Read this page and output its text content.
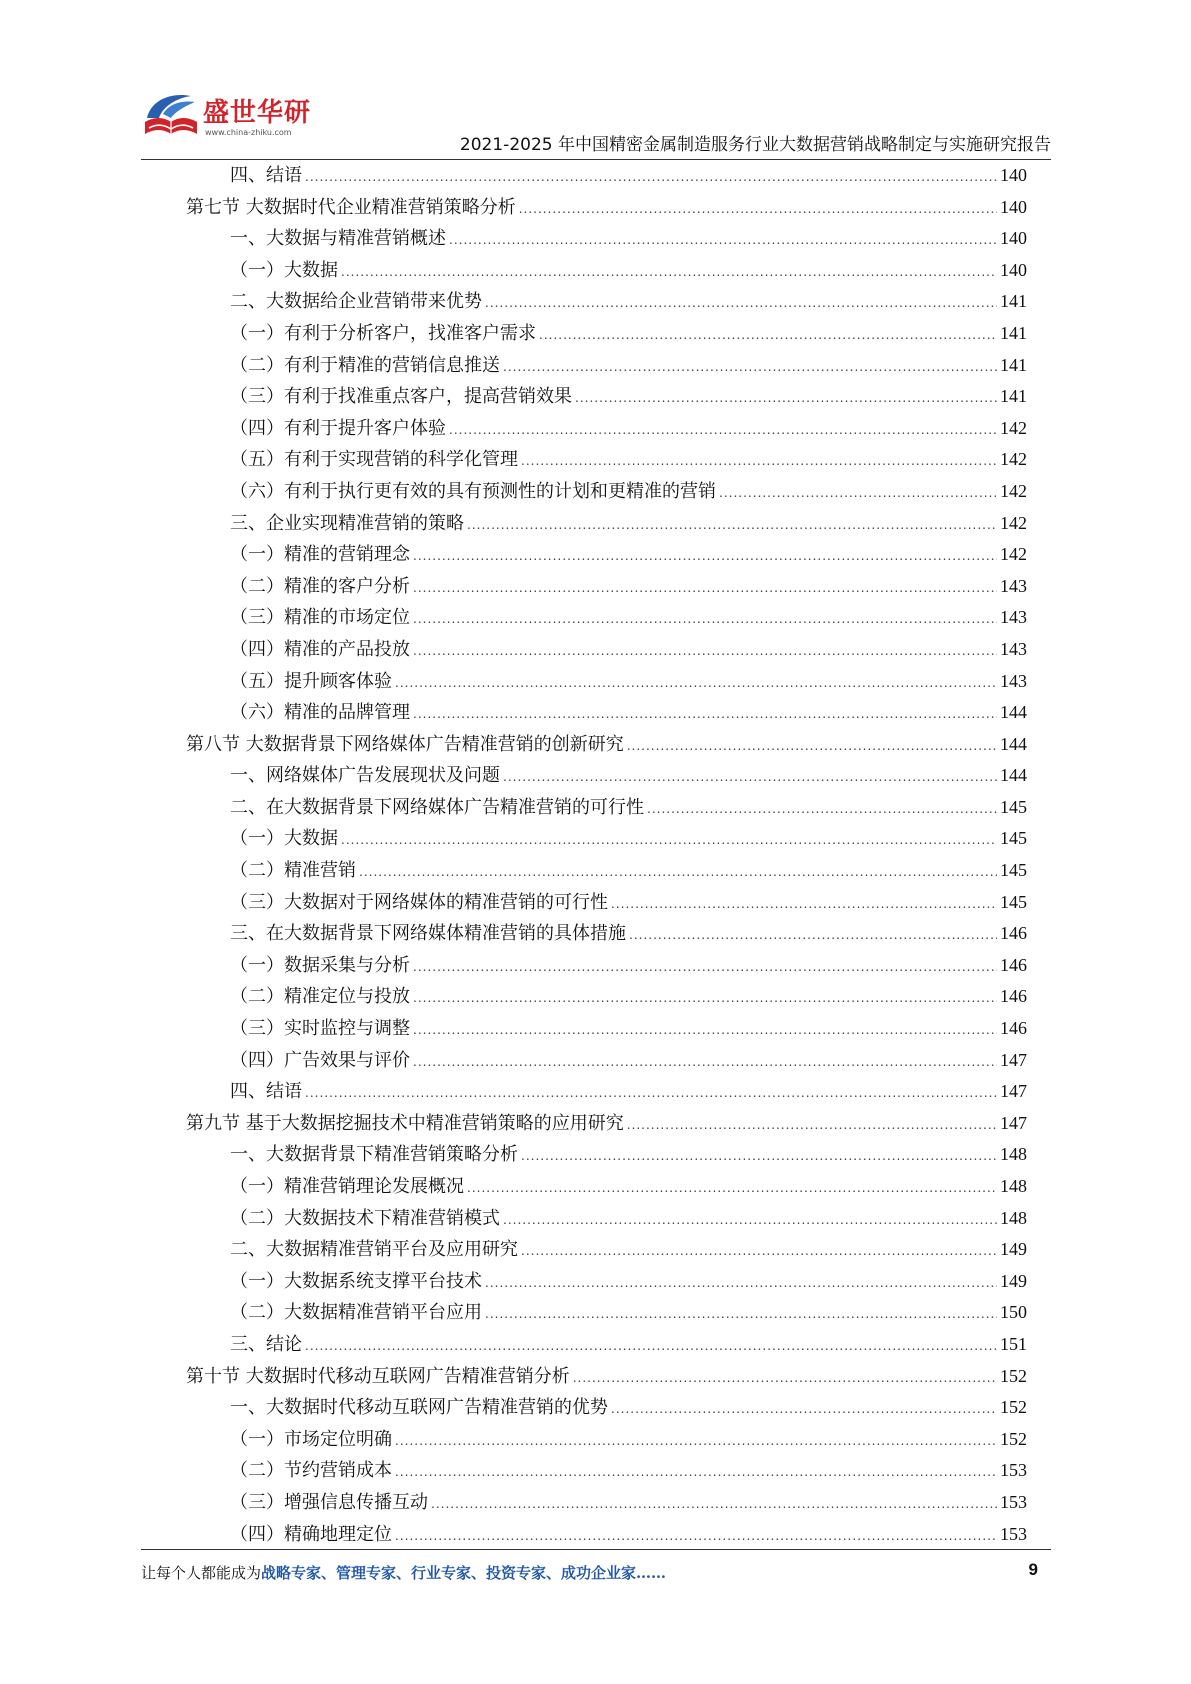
盛世华研
www.china-zhiku.com
2021-2025 年中国精密金属制造服务行业大数据营销战略制定与实施研究报告
四、结语 .....	140
第七节 大数据时代企业精准营销策略分析 .....	140
一、大数据与精准营销概述 .....	140
（一）大数据 .....	140
二、大数据给企业营销带来优势 .....	141
（一）有利于分析客户，找准客户需求 .....	141
（二）有利于精准的营销信息推送 .....	141
（三）有利于找准重点客户，提高营销效果 .....	141
（四）有利于提升客户体验 .....	142
（五）有利于实现营销的科学化管理 .....	142
（六）有利于执行更有效的具有预测性的计划和更精准的营销 .....	142
三、企业实现精准营销的策略 .....	142
（一）精准的营销理念 .....	142
（二）精准的客户分析 .....	143
（三）精准的市场定位 .....	143
（四）精准的产品投放 .....	143
（五）提升顾客体验 .....	143
（六）精准的品牌管理 .....	144
第八节 大数据背景下网络媒体广告精准营销的创新研究 .....	144
一、网络媒体广告发展现状及问题 .....	144
二、在大数据背景下网络媒体广告精准营销的可行性 .....	145
（一）大数据 .....	145
（二）精准营销 .....	145
（三）大数据对于网络媒体的精准营销的可行性 .....	145
三、在大数据背景下网络媒体精准营销的具体措施 .....	146
（一）数据采集与分析 .....	146
（二）精准定位与投放 .....	146
（三）实时监控与调整 .....	146
（四）广告效果与评价 .....	147
四、结语 .....	147
第九节 基于大数据挖掘技术中精准营销策略的应用研究 .....	147
一、大数据背景下精准营销策略分析 .....	148
（一）精准营销理论发展概况 .....	148
（二）大数据技术下精准营销模式 .....	148
二、大数据精准营销平台及应用研究 .....	149
（一）大数据系统支撑平台技术 .....	149
（二）大数据精准营销平台应用 .....	150
三、结论 .....	151
第十节 大数据时代移动互联网广告精准营销分析 .....	152
一、大数据时代移动互联网广告精准营销的优势 .....	152
（一）市场定位明确 .....	152
（二）节约营销成本 .....	153
（三）增强信息传播互动 .....	153
（四）精确地理定位 .....	153
让每个人都能成为战略专家、管理专家、行业专家、投资专家、成功企业家……	9
